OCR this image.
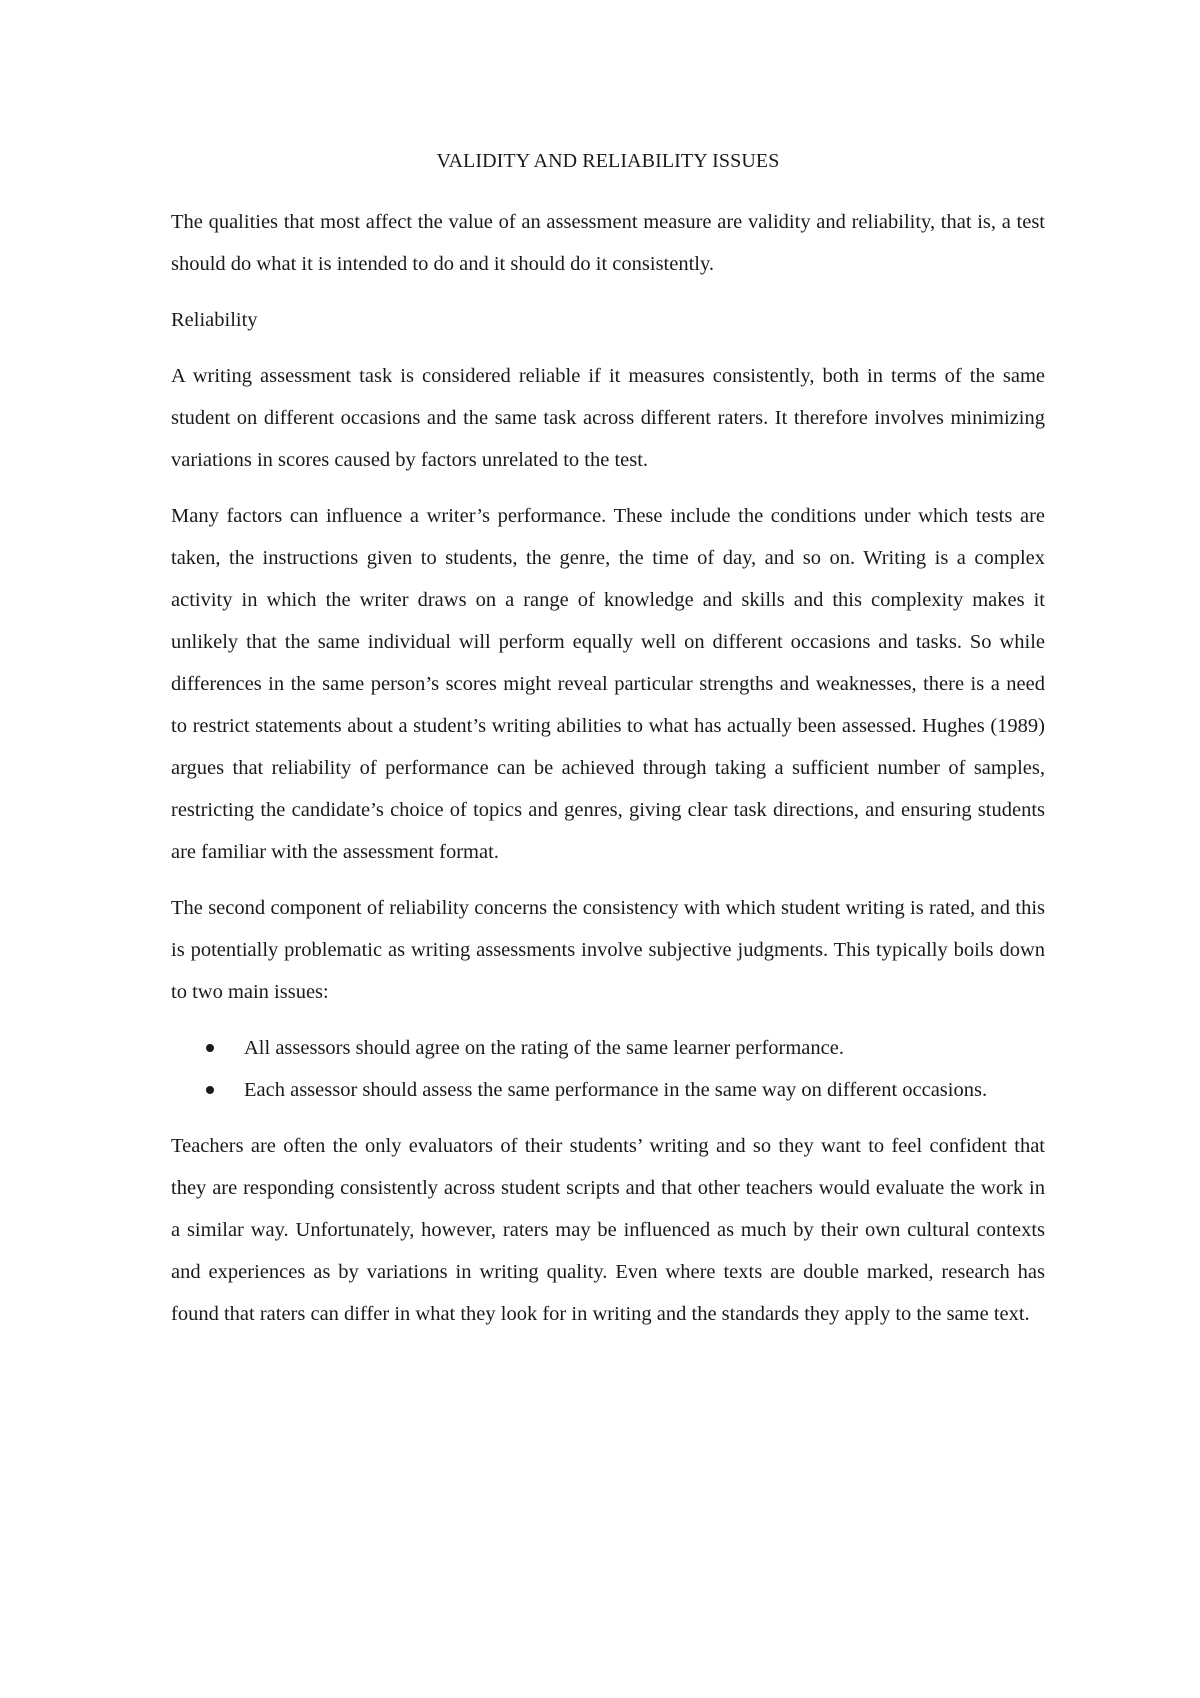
VALIDITY AND RELIABILITY ISSUES

The qualities that most affect the value of an assessment measure are validity and reliability, that is, a test should do what it is intended to do and it should do it consistently.

Reliability

A writing assessment task is considered reliable if it measures consistently, both in terms of the same student on different occasions and the same task across different raters. It therefore involves minimizing variations in scores caused by factors unrelated to the test.

Many factors can influence a writer’s performance. These include the conditions under which tests are taken, the instructions given to students, the genre, the time of day, and so on. Writing is a complex activity in which the writer draws on a range of knowledge and skills and this complexity makes it unlikely that the same individual will perform equally well on different occasions and tasks. So while differences in the same person’s scores might reveal particular strengths and weaknesses, there is a need to restrict statements about a student’s writing abilities to what has actually been assessed. Hughes (1989) argues that reliability of performance can be achieved through taking a sufficient number of samples, restricting the candidate’s choice of topics and genres, giving clear task directions, and ensuring students are familiar with the assessment format.

The second component of reliability concerns the consistency with which student writing is rated, and this is potentially problematic as writing assessments involve subjective judgments. This typically boils down to two main issues:

All assessors should agree on the rating of the same learner performance.
Each assessor should assess the same performance in the same way on different occasions.

Teachers are often the only evaluators of their students’ writing and so they want to feel confident that they are responding consistently across student scripts and that other teachers would evaluate the work in a similar way. Unfortunately, however, raters may be influenced as much by their own cultural contexts and experiences as by variations in writing quality. Even where texts are double marked, research has found that raters can differ in what they look for in writing and the standards they apply to the same text.
